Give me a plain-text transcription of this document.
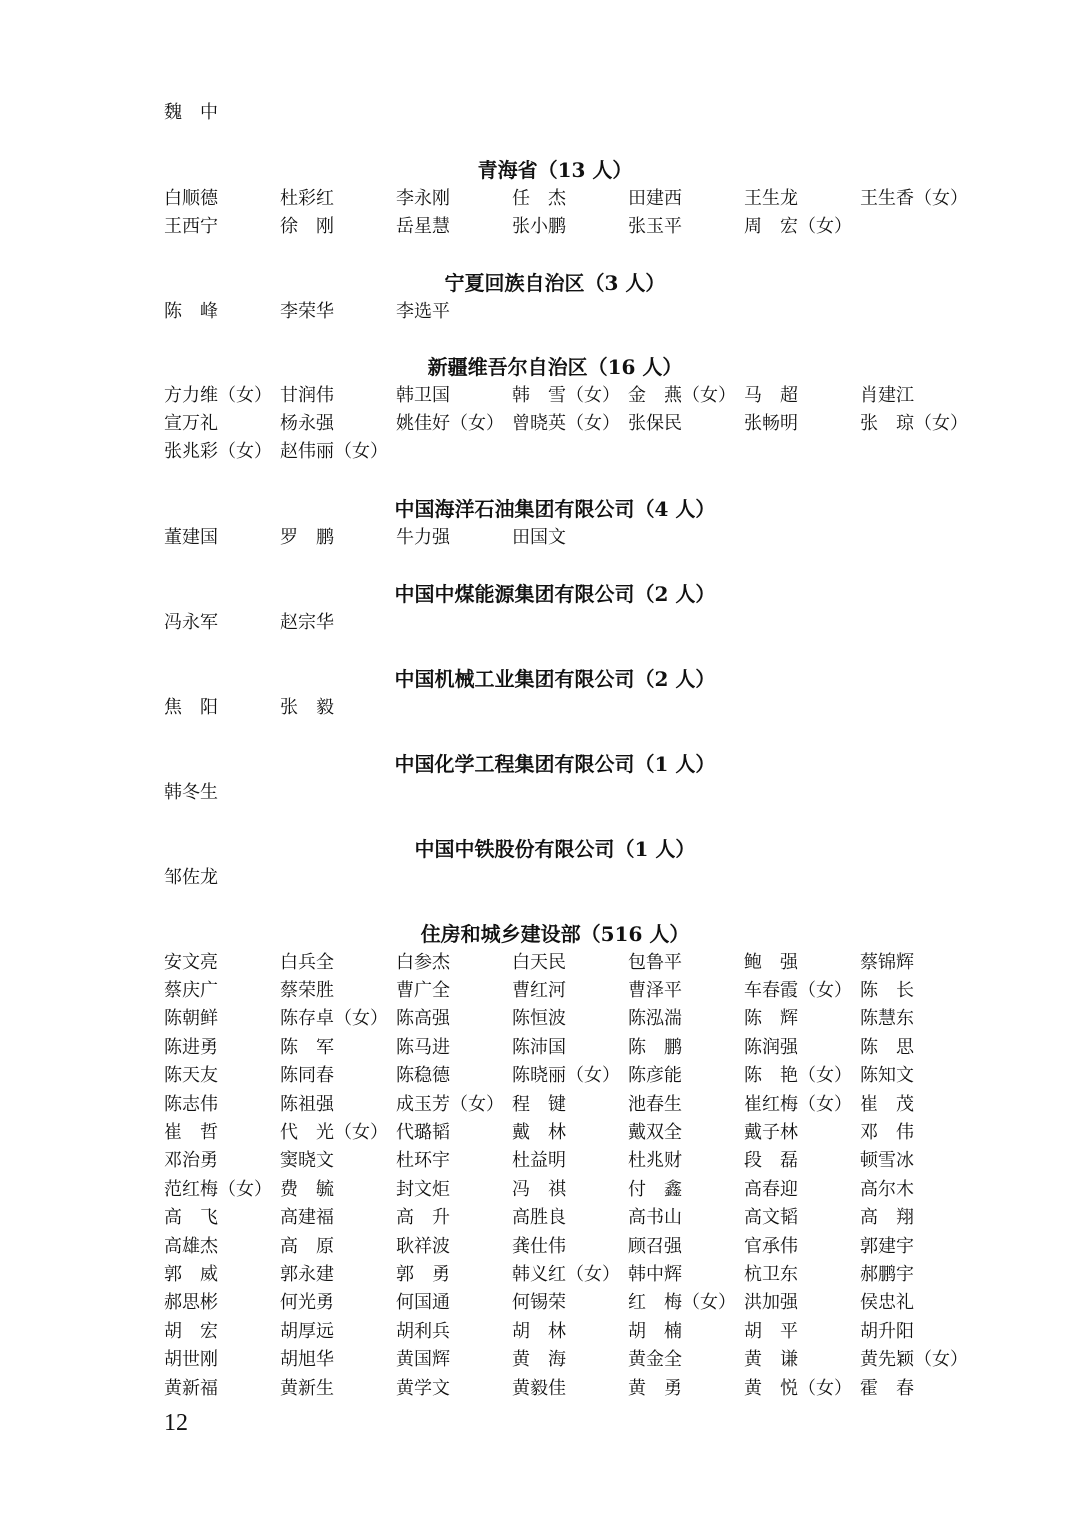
魏　中
青海省（13 人）
白顺德	杜彩红	李永刚	任　杰	田建西	王生龙	王生香（女）
王西宁	徐　刚	岳星慧	张小鹏	张玉平	周　宏（女）
宁夏回族自治区（3 人）
陈　峰	李荣华	李选平
新疆维吾尔自治区（16 人）
方力维（女） 甘润伟	韩卫国	韩　雪（女） 金　燕（女） 马　超	肖建江
宣万礼	杨永强	姚佳好（女） 曾晓英（女） 张保民	张畅明	张　琼（女）
张兆彩（女） 赵伟丽（女）
中国海洋石油集团有限公司（4 人）
董建国	罗　鹏	牛力强	田国文
中国中煤能源集团有限公司（2 人）
冯永军	赵宗华
中国机械工业集团有限公司（2 人）
焦　阳	张　毅
中国化学工程集团有限公司（1 人）
韩冬生
中国中铁股份有限公司（1 人）
邹佐龙
住房和城乡建设部（516 人）
安文亮	白兵全	白参杰	白天民	包鲁平	鲍　强	蔡锦辉
蔡庆广	蔡荣胜	曹广全	曹红河	曹泽平	车春霞（女） 陈　长
陈朝鲜	陈存卓（女） 陈高强	陈恒波	陈泓湍	陈　辉	陈慧东
陈进勇	陈　军	陈马进	陈沛国	陈　鹏	陈润强	陈　思
陈天友	陈同春	陈稳德	陈晓丽（女） 陈彦能	陈　艳（女） 陈知文
陈志伟	陈祖强	成玉芳（女） 程　键	池春生	崔红梅（女） 崔　茂
崔　哲	代　光（女） 代璐韬	戴　林	戴双全	戴子林	邓　伟
邓治勇	窦晓文	杜环宇	杜益明	杜兆财	段　磊	顿雪冰
范红梅（女） 费　毓	封文炬	冯　祺	付　鑫	高春迎	高尔木
高　飞	高建福	高　升	高胜良	高书山	高文韬	高　翔
高雄杰	高　原	耿祥波	龚仕伟	顾召强	官承伟	郭建宇
郭　威	郭永建	郭　勇	韩义红（女） 韩中辉	杭卫东	郝鹏宇
郝思彬	何光勇	何国通	何锡荣	红　梅（女） 洪加强	侯忠礼
胡　宏	胡厚远	胡利兵	胡　林	胡　楠	胡　平	胡升阳
胡世刚	胡旭华	黄国辉	黄　海	黄金全	黄　谦	黄先颖（女）
黄新福	黄新生	黄学文	黄毅佳	黄　勇	黄　悦（女） 霍　春
12
